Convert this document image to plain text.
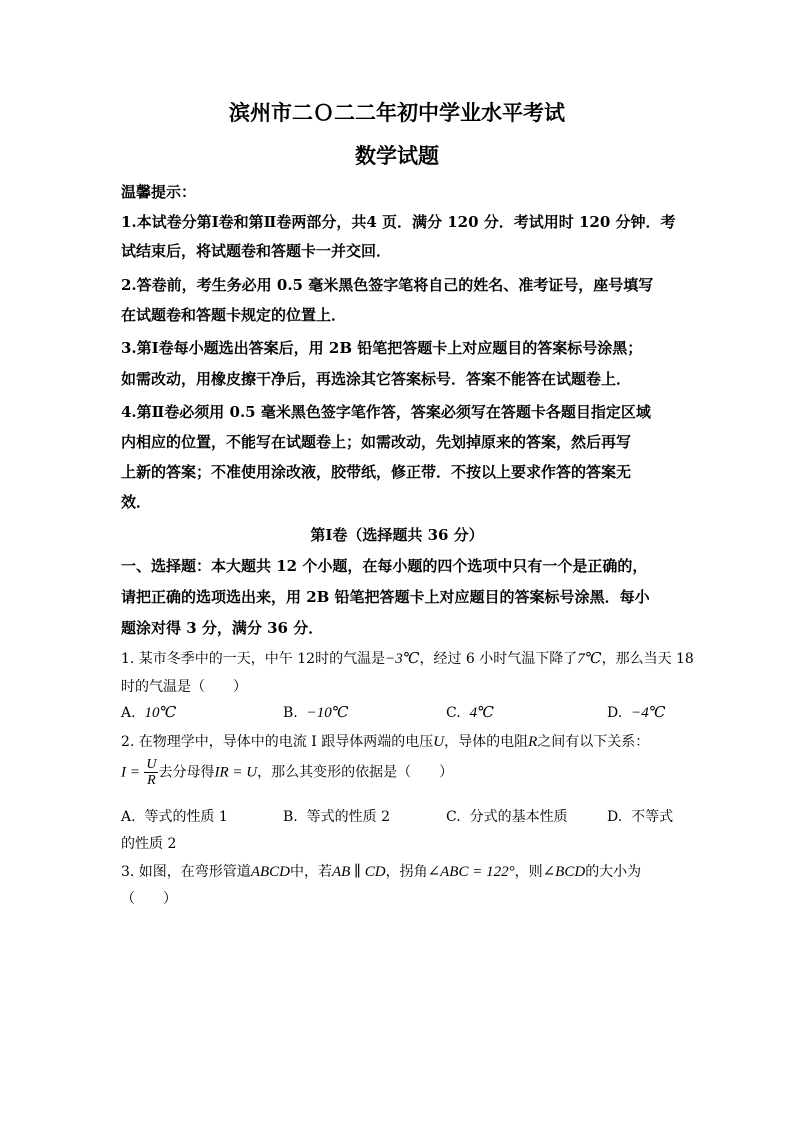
滨州市二Ｏ二二年初中学业水平考试
数学试题
温馨提示：
1.本试卷分第Ⅰ卷和第Ⅱ卷两部分，共4 页．满分 120 分．考试用时 120 分钟．考
试结束后，将试题卷和答题卡一并交回．
2.答卷前，考生务必用 0.5 毫米黑色签字笔将自己的姓名、准考证号，座号填写
在试题卷和答题卡规定的位置上．
3.第Ⅰ卷每小题选出答案后，用 2B 铅笔把答题卡上对应题目的答案标号涂黑；
如需改动，用橡皮擦干净后，再选涂其它答案标号．答案不能答在试题卷上．
4.第Ⅱ卷必须用 0.5 毫米黑色签字笔作答，答案必须写在答题卡各题目指定区域
内相应的位置，不能写在试题卷上；如需改动，先划掉原来的答案，然后再写
上新的答案；不准使用涂改液，胶带纸，修正带．不按以上要求作答的答案无
效．
第Ⅰ卷（选择题共 36 分）
一、选择题：本大题共 12 个小题，在每小题的四个选项中只有一个是正确的，
请把正确的选项选出来，用 2B 铅笔把答题卡上对应题目的答案标号涂黑．每小
题涂对得 3 分，满分 36 分．
1. 某市冬季中的一天，中午 12时的气温是−3℃，经过 6 小时气温下降了7℃，那么当天 18
时的气温是（　　）
A. 10℃	B. −10℃	C. 4℃	D. −4℃
2. 在物理学中，导体中的电流 I 跟导体两端的电压U，导体的电阻R之间有以下关系：
$I = \frac{U}{R}$ 去分母得IR = U，那么其变形的依据是（　　）
A. 等式的性质 1	B. 等式的性质 2	C. 分式的基本性质	D. 不等式
的性质 2
3. 如图，在弯形管道ABCD中，若AB ∥ CD，拐角∠ABC = 122°，则∠BCD的大小为
（　　）
